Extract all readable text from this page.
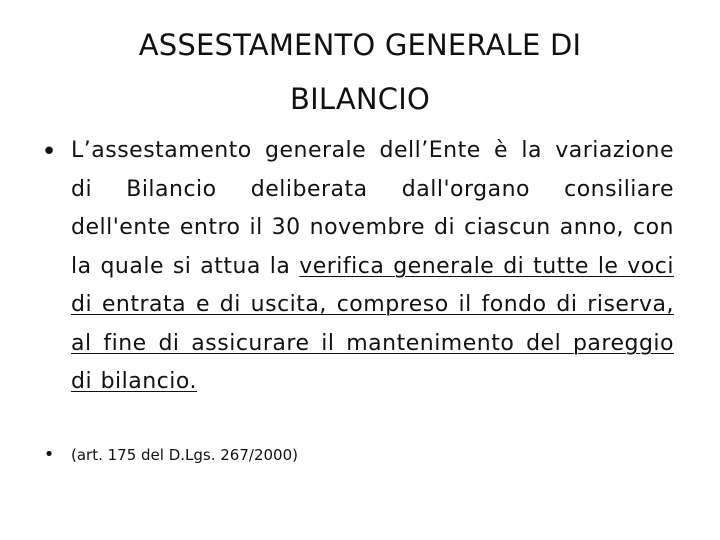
ASSESTAMENTO GENERALE DI
BILANCIO
• L’assestamento generale dell’Ente è la variazione di Bilancio deliberata dall'organo consiliare dell'ente entro il 30 novembre di ciascun anno, con la quale si attua la verifica generale di tutte le voci di entrata e di uscita, compreso il fondo di riserva, al fine di assicurare il mantenimento del pareggio di bilancio.
•	(art. 175 del D.Lgs. 267/2000)
